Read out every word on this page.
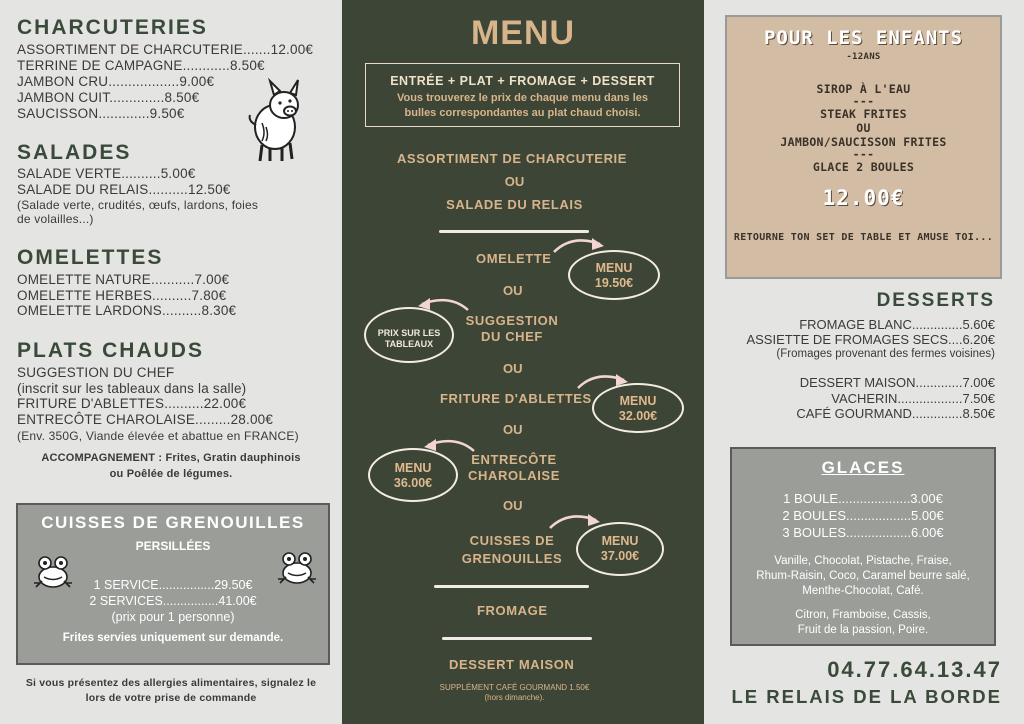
CHARCUTERIES
ASSORTIMENT DE CHARCUTERIE.......12.00€
TERRINE DE CAMPAGNE............8.50€
JAMBON CRU..................9.00€
JAMBON CUIT..............8.50€
SAUCISSON.............9.50€
SALADES
SALADE VERTE..........5.00€
SALADE DU RELAIS..........12.50€
(Salade verte, crudités, œufs, lardons, foies
de volailles...)
OMELETTES
OMELETTE NATURE...........7.00€
OMELETTE HERBES..........7.80€
OMELETTE LARDONS..........8.30€
PLATS CHAUDS
SUGGESTION DU CHEF
(inscrit sur les tableaux dans la salle)
FRITURE D'ABLETTES..........22.00€
ENTRECÔTE CHAROLAISE.........28.00€
(Env. 350G, Viande élevée et abattue en FRANCE)
ACCOMPAGNEMENT : Frites, Gratin dauphinois
ou Poêlée de légumes.
CUISSES DE GRENOUILLES
PERSILLÉES
1 SERVICE................29.50€
2 SERVICES................41.00€
(prix pour 1 personne)
Frites servies uniquement sur demande.
Si vous présentez des allergies alimentaires, signalez le
lors de votre prise de commande
MENU
ENTRÉE + PLAT + FROMAGE + DESSERT
Vous trouverez le prix de chaque menu dans les
bulles correspondantes au plat chaud choisi.
ASSORTIMENT DE CHARCUTERIE
OU
SALADE DU RELAIS
OMELETTE
MENU
19.50€
OU
PRIX SUR LES
TABLEAUX
SUGGESTION
DU CHEF
OU
FRITURE D'ABLETTES	MENU
32.00€
OU
MENU
36.00€
ENTRECÔTE
CHAROLAISE
OU
CUISSES DE
GRENOUILLES
MENU
37.00€
FROMAGE
DESSERT MAISON
SUPPLÉMENT CAFÉ GOURMAND 1.50€
(hors dimanche).
POUR LES ENFANTS
-12ANS
SIROP À L'EAU
---
STEAK FRITES
OU
JAMBON/SAUCISSON FRITES
---
GLACE 2 BOULES
12.00€
RETOURNE TON SET DE TABLE ET AMUSE TOI...
DESSERTS
FROMAGE BLANC..............5.60€
ASSIETTE DE FROMAGES SECS....6.20€
(Fromages provenant des fermes voisines)
DESSERT MAISON.............7.00€
VACHERIN..................7.50€
CAFÉ GOURMAND..............8.50€
GLACES
1 BOULE....................3.00€
2 BOULES..................5.00€
3 BOULES..................6.00€
Vanille, Chocolat, Pistache, Fraise,
Rhum-Raisin, Coco, Caramel beurre salé,
Menthe-Chocolat, Café.
Citron, Framboise, Cassis,
Fruit de la passion, Poire.
04.77.64.13.47
LE RELAIS DE LA BORDE
